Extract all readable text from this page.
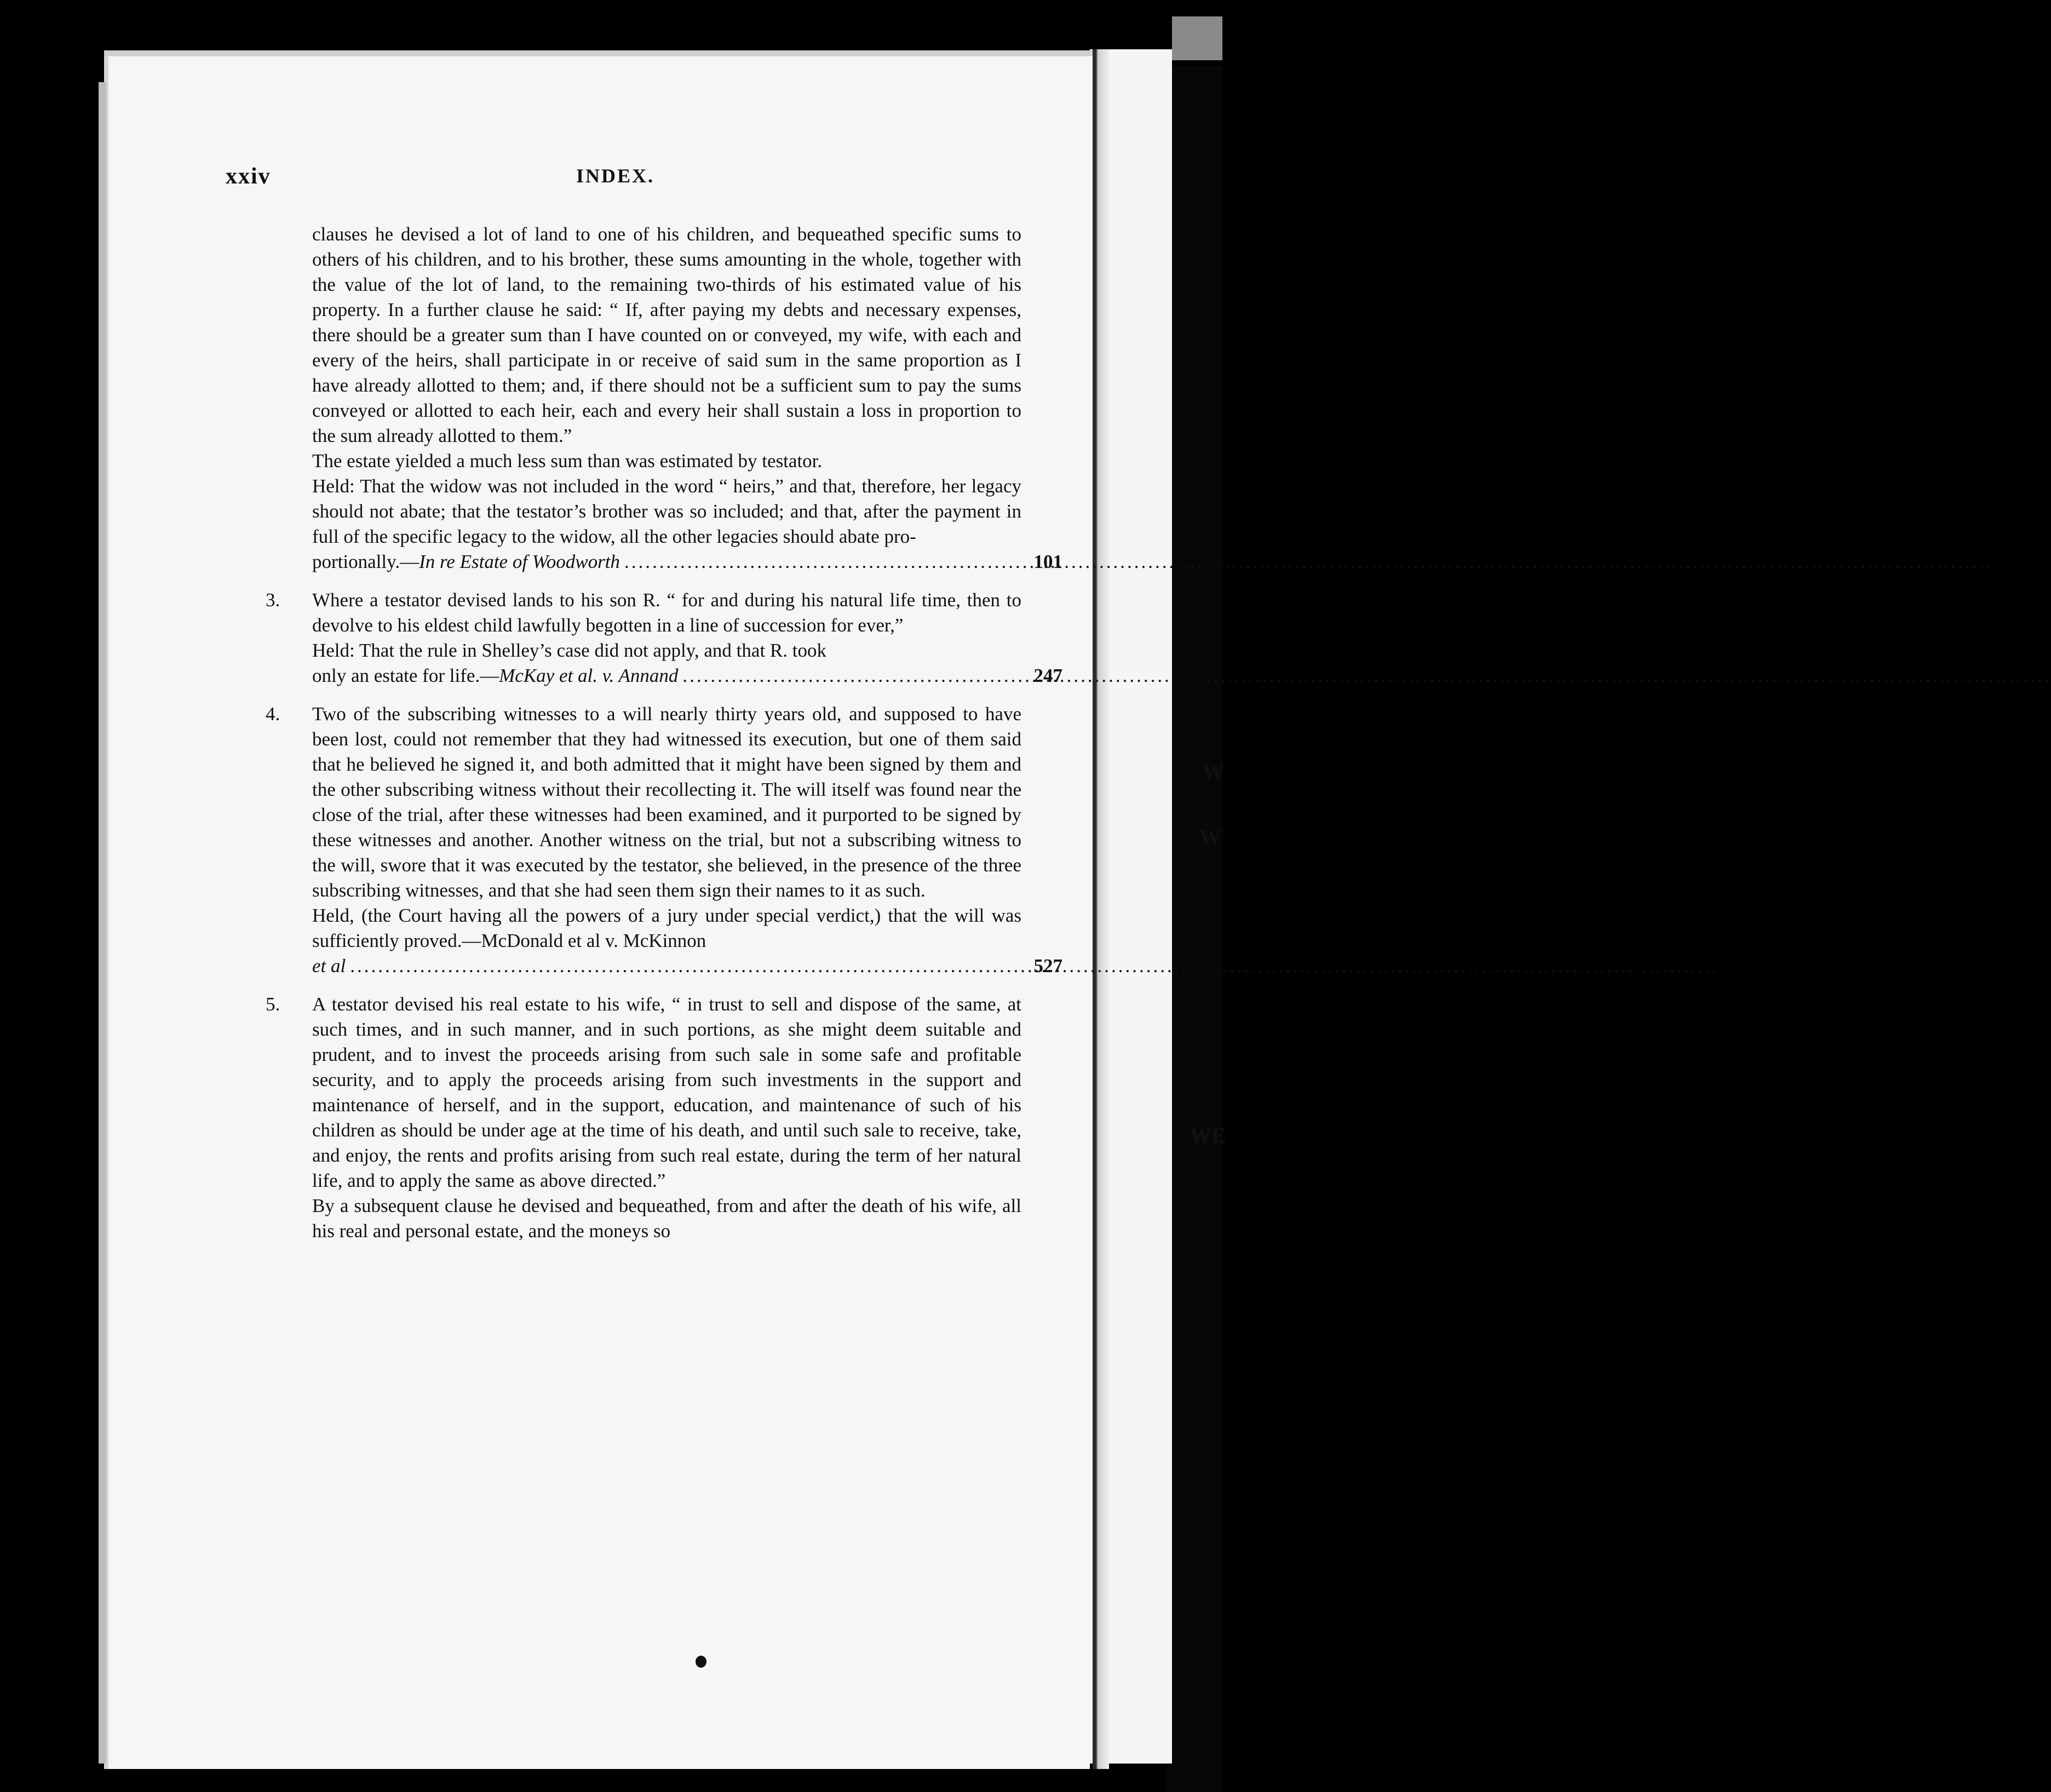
W
W
WE
xxiv	INDEX.

clauses he devised a lot of land to one of his children, and bequeathed specific sums to others of his children, and to his brother, these sums amounting in the whole, together with the value of the lot of land, to the remaining two-thirds of his estimated value of his property. In a further clause he said: “ If, after paying my debts and necessary expenses, there should be a greater sum than I have counted on or conveyed, my wife, with each and every of the heirs, shall participate in or receive of said sum in the same proportion as I have already allotted to them; and, if there should not be a sufficient sum to pay the sums conveyed or allotted to each heir, each and every heir shall sustain a loss in proportion to the sum already allotted to them.”

The estate yielded a much less sum than was estimated by testator.

Held: That the widow was not included in the word “ heirs,” and that, therefore, her legacy should not abate; that the testator’s brother was so included; and that, after the payment in full of the specific legacy to the widow, all the other legacies should abate pro-

portionally.—In re Estate of Woodworth .....	101
3. Where a testator devised lands to his son R. “ for and during his natural life time, then to devolve to his eldest child lawfully begotten in a line of succession for ever,”

Held: That the rule in Shelley’s case did not apply, and that R. took

only an estate for life.—McKay et al. v. Annand .....	247
4. Two of the subscribing witnesses to a will nearly thirty years old, and supposed to have been lost, could not remember that they had witnessed its execution, but one of them said that he believed he signed it, and both admitted that it might have been signed by them and the other subscribing witness without their recollecting it. The will itself was found near the close of the trial, after these witnesses had been examined, and it purported to be signed by these witnesses and another. Another witness on the trial, but not a subscribing witness to the will, swore that it was executed by the testator, she believed, in the presence of the three subscribing witnesses, and that she had seen them sign their names to it as such.

Held, (the Court having all the powers of a jury under special verdict,) that the will was sufficiently proved.—McDonald et al v. McKinnon

et al .....	527
5. A testator devised his real estate to his wife, “ in trust to sell and dispose of the same, at such times, and in such manner, and in such portions, as she might deem suitable and prudent, and to invest the proceeds arising from such sale in some safe and profitable security, and to apply the proceeds arising from such investments in the support and maintenance of herself, and in the support, education, and maintenance of such of his children as should be under age at the time of his death, and until such sale to receive, take, and enjoy, the rents and profits arising from such real estate, during the term of her natural life, and to apply the same as above directed.”

By a subsequent clause he devised and bequeathed, from and after the death of his wife, all his real and personal estate, and the moneys so
